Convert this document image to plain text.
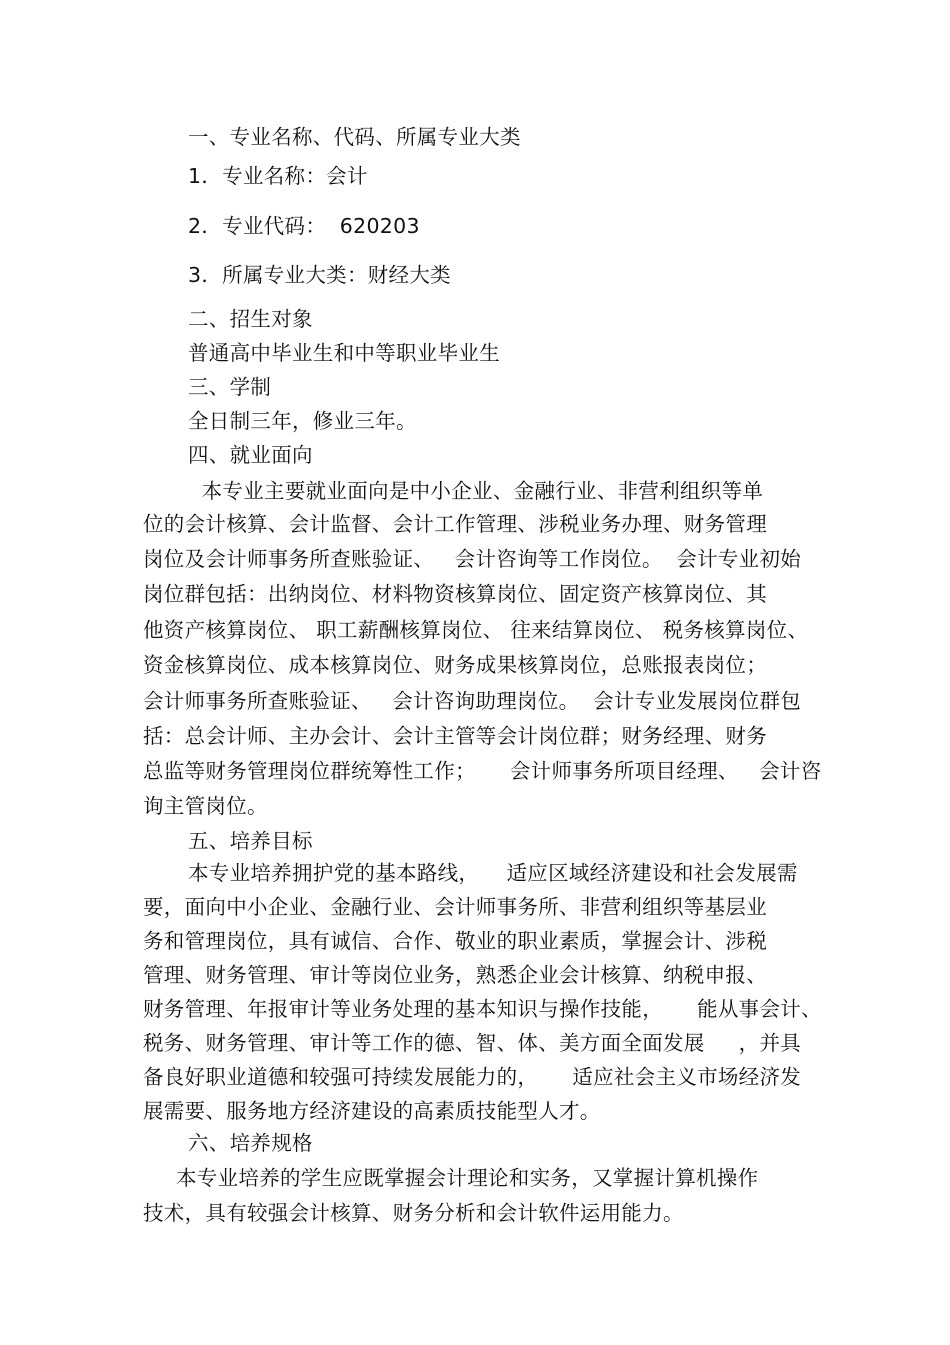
一、专业名称、代码、所属专业大类

1．专业名称：会计

2．专业代码：  620203

3．所属专业大类：财经大类

二、招生对象

普通高中毕业生和中等职业毕业生

三、学制

全日制三年，修业三年。

四、就业面向

本专业主要就业面向是中小企业、金融行业、非营利组织等单

位的会计核算、会计监督、会计工作管理、涉税业务办理、财务管理

岗位及会计师事务所查账验证、   会计咨询等工作岗位。  会计专业初始

岗位群包括：出纳岗位、材料物资核算岗位、固定资产核算岗位、其

他资产核算岗位、 职工薪酬核算岗位、 往来结算岗位、 税务核算岗位、

资金核算岗位、成本核算岗位、财务成果核算岗位，总账报表岗位；

会计师事务所查账验证、   会计咨询助理岗位。  会计专业发展岗位群包

括：总会计师、主办会计、会计主管等会计岗位群；财务经理、财务

总监等财务管理岗位群统筹性工作；     会计师事务所项目经理、   会计咨

询主管岗位。

五、培养目标

本专业培养拥护党的基本路线，    适应区域经济建设和社会发展需

要，面向中小企业、金融行业、会计师事务所、非营利组织等基层业

务和管理岗位，具有诚信、合作、敬业的职业素质，掌握会计、涉税

管理、财务管理、审计等岗位业务，熟悉企业会计核算、纳税申报、

财务管理、年报审计等业务处理的基本知识与操作技能，     能从事会计、

税务、财务管理、审计等工作的德、智、体、美方面全面发展     ，并具

备良好职业道德和较强可持续发展能力的，     适应社会主义市场经济发

展需要、服务地方经济建设的高素质技能型人才。

六、培养规格

本专业培养的学生应既掌握会计理论和实务，又掌握计算机操作

技术，具有较强会计核算、财务分析和会计软件运用能力。
